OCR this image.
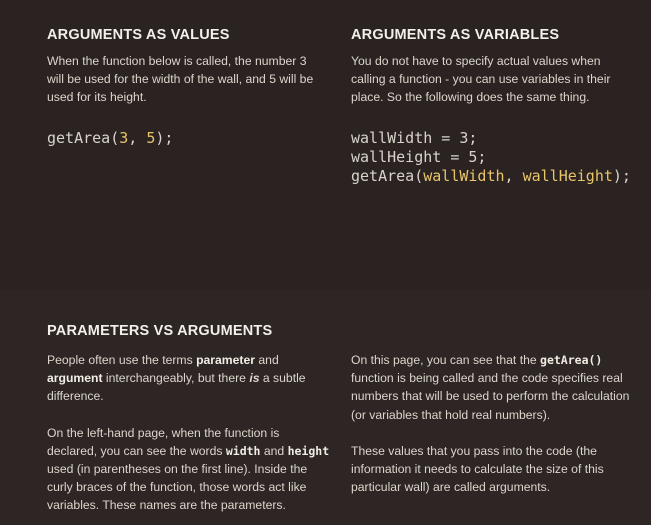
ARGUMENTS AS VALUES

When the function below is called, the number 3 will be used for the width of the wall, and 5 will be used for its height.

getArea(3, 5);
ARGUMENTS AS VARIABLES

You do not have to specify actual values when calling a function - you can use variables in their place. So the following does the same thing.

wallWidth = 3;
wallHeight = 5;
getArea(wallWidth, wallHeight);
PARAMETERS VS ARGUMENTS

People often use the terms parameter and argument interchangeably, but there is a subtle difference.

On the left-hand page, when the function is declared, you can see the words width and height used (in parentheses on the first line). Inside the curly braces of the function, those words act like variables. These names are the parameters.

On this page, you can see that the getArea() function is being called and the code specifies real numbers that will be used to perform the calculation (or variables that hold real numbers).

These values that you pass into the code (the information it needs to calculate the size of this particular wall) are called arguments.
